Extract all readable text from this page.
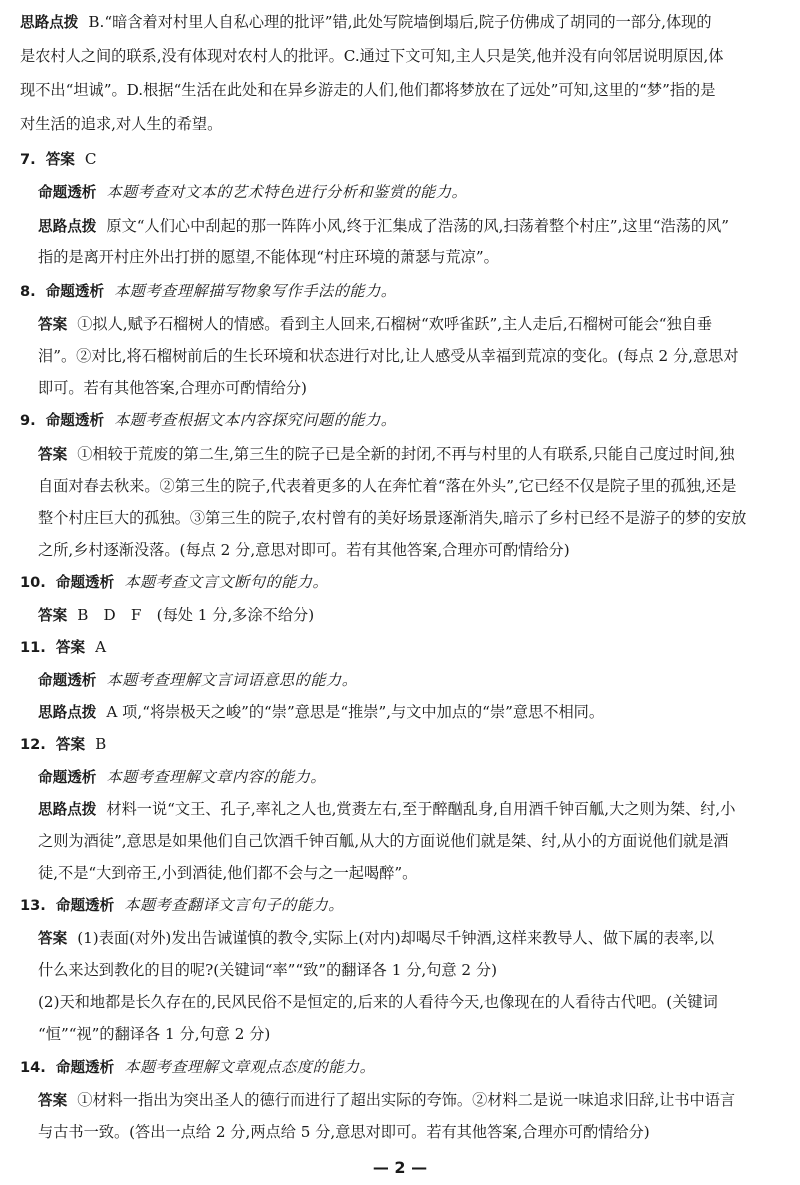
思路点拨 B.“暗含着对村里人自私心理的批评”错,此处写院墙倒塌后,院子仿佛成了胡同的一部分,体现的
是农村人之间的联系,没有体现对农村人的批评。C.通过下文可知,主人只是笑,他并没有向邻居说明原因,体
现不出“坦诚”。D.根据“生活在此处和在异乡游走的人们,他们都将梦放在了远处”可知,这里的“梦”指的是
对生活的追求,对人生的希望。
7. 答案 C
命题透析 本题考查对文本的艺术特色进行分析和鉴赏的能力。
思路点拨 原文“人们心中刮起的那一阵阵小风,终于汇集成了浩荡的风,扫荡着整个村庄”,这里“浩荡的风”
指的是离开村庄外出打拼的愿望,不能体现“村庄环境的萧瑟与荒凉”。
8. 命题透析 本题考查理解描写物象写作手法的能力。
答案 ①拟人,赋予石榴树人的情感。看到主人回来,石榴树“欢呼雀跃”,主人走后,石榴树可能会“独自垂
泪”。②对比,将石榴树前后的生长环境和状态进行对比,让人感受从幸福到荒凉的变化。(每点 2 分,意思对
即可。若有其他答案,合理亦可酌情给分)
9. 命题透析 本题考查根据文本内容探究问题的能力。
答案 ①相较于荒废的第二生,第三生的院子已是全新的封闭,不再与村里的人有联系,只能自己度过时间,独
自面对春去秋来。②第三生的院子,代表着更多的人在奔忙着“落在外头”,它已经不仅是院子里的孤独,还是
整个村庄巨大的孤独。③第三生的院子,农村曾有的美好场景逐渐消失,暗示了乡村已经不是游子的梦的安放
之所,乡村逐渐没落。(每点 2 分,意思对即可。若有其他答案,合理亦可酌情给分)
10. 命题透析 本题考查文言文断句的能力。
答案 B　D　F　(每处 1 分,多涂不给分)
11. 答案 A
命题透析 本题考查理解文言词语意思的能力。
思路点拨 A 项,“将崇极天之峻”的“崇”意思是“推崇”,与文中加点的“崇”意思不相同。
12. 答案 B
命题透析 本题考查理解文章内容的能力。
思路点拨 材料一说“文王、孔子,率礼之人也,赏赉左右,至于醉酗乱身,自用酒千钟百觚,大之则为桀、纣,小
之则为酒徒”,意思是如果他们自己饮酒千钟百觚,从大的方面说他们就是桀、纣,从小的方面说他们就是酒
徒,不是“大到帝王,小到酒徒,他们都不会与之一起喝醉”。
13. 命题透析 本题考查翻译文言句子的能力。
答案 (1)表面(对外)发出告诫谨慎的教令,实际上(对内)却喝尽千钟酒,这样来教导人、做下属的表率,以
什么来达到教化的目的呢?(关键词“率”“致”的翻译各 1 分,句意 2 分)
(2)天和地都是长久存在的,民风民俗不是恒定的,后来的人看待今天,也像现在的人看待古代吧。(关键词
“恒”“视”的翻译各 1 分,句意 2 分)
14. 命题透析 本题考查理解文章观点态度的能力。
答案 ①材料一指出为突出圣人的德行而进行了超出实际的夸饰。②材料二是说一味追求旧辞,让书中语言
与古书一致。(答出一点给 2 分,两点给 5 分,意思对即可。若有其他答案,合理亦可酌情给分)
— 2 —
